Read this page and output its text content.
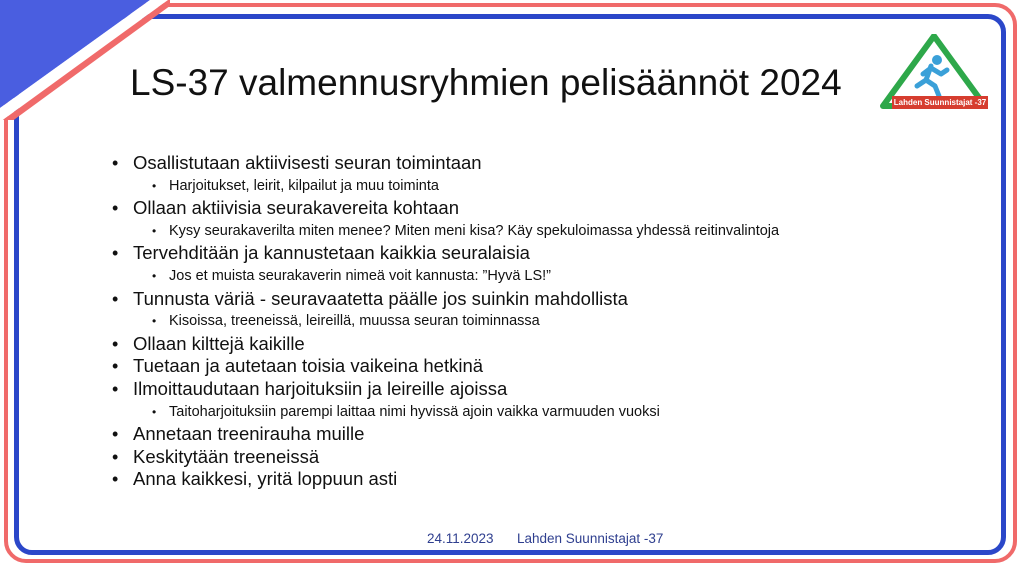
LS-37 valmennusryhmien pelisäännöt 2024	Lahden Suunnistajat -37
• Osallistutaan aktiivisesti seuran toimintaan
• Harjoitukset, leirit, kilpailut ja muu toiminta
• Ollaan aktiivisia seurakavereita kohtaan
• Kysy seurakaverilta miten menee? Miten meni kisa? Käy spekuloimassa yhdessä reitinvalintoja
• Tervehditään ja kannustetaan kaikkia seuralaisia
• Jos et muista seurakaverin nimeä voit kannusta: ”Hyvä LS!”
• Tunnusta väriä - seuravaatetta päälle jos suinkin mahdollista
• Kisoissa, treeneissä, leireillä, muussa seuran toiminnassa
• Ollaan kilttejä kaikille
• Tuetaan ja autetaan toisia vaikeina hetkinä
• Ilmoittaudutaan harjoituksiin ja leireille ajoissa
• Taitoharjoituksiin parempi laittaa nimi hyvissä ajoin vaikka varmuuden vuoksi
• Annetaan treenirauha muille
• Keskitytään treeneissä
• Anna kaikkesi, yritä loppuun asti
24.11.2023 Lahden Suunnistajat -37
